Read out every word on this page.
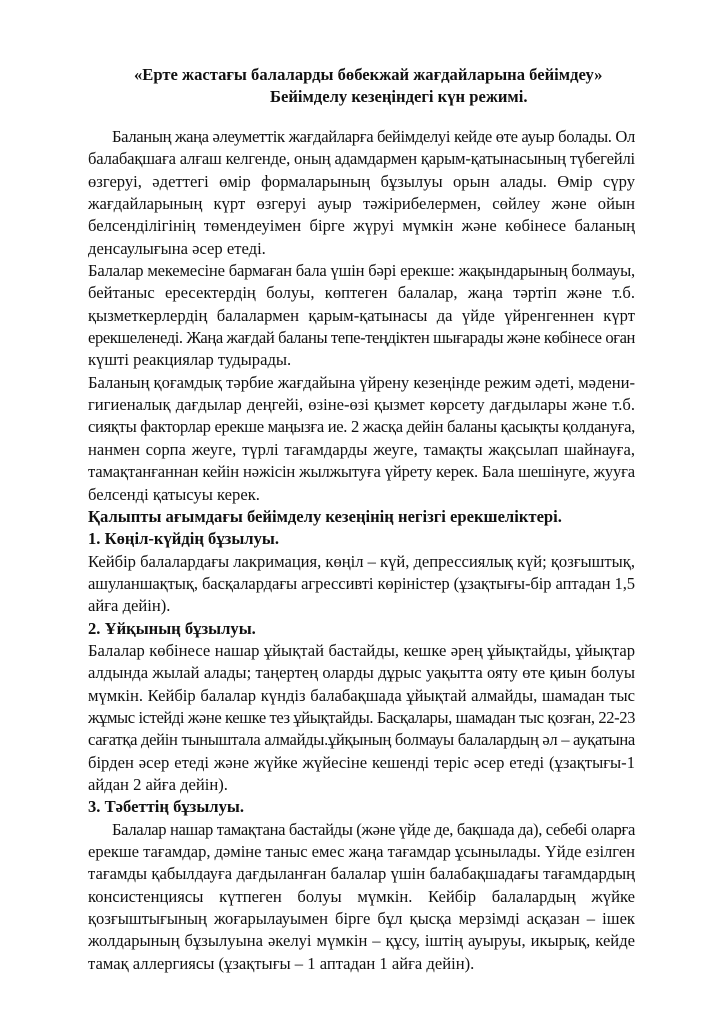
«Ерте жастағы балаларды бөбекжай жағдайларына бейімдеу»
Бейімделу кезеңіндегі күн режимі.
Баланың жаңа әлеуметтік жағдайларға бейімделуі кейде өте ауыр болады. Ол
балабақшаға алғаш келгенде, оның адамдармен қарым-қатынасының түбегейлі
өзгеруі, әдеттегі өмір формаларының бұзылуы орын алады. Өмір сүру
жағдайларының күрт өзгеруі ауыр тәжірибелермен, сөйлеу және ойын
белсенділігінің төмендеуімен бірге жүруі мүмкін және көбінесе баланың
денсаулығына әсер етеді.
Балалар мекемесіне бармаған бала үшін бәрі ерекше: жақындарының болмауы,
бейтаныс ересектердің болуы, көптеген балалар, жаңа тәртіп және т.б.
қызметкерлердің балалармен қарым-қатынасы да үйде үйренгеннен күрт
ерекшеленеді. Жаңа жағдай баланы тепе-теңдіктен шығарады және көбінесе оған
күшті реакциялар тудырады.
Баланың қоғамдық тәрбие жағдайына үйрену кезеңінде режим әдеті, мәдени-
гигиеналық дағдылар деңгейі, өзіне-өзі қызмет көрсету дағдылары және т.б.
сияқты факторлар ерекше маңызға ие. 2 жасқа дейін баланы қасықты қолдануға,
нанмен сорпа жеуге, түрлі тағамдарды жеуге, тамақты жақсылап шайнауға,
тамақтанғаннан кейін нәжісін жылжытуға үйрету керек. Бала шешінуге, жууға
белсенді қатысуы керек.
Қалыпты ағымдағы бейімделу кезеңінің негізгі ерекшеліктері.
1. Көңіл-күйдің бұзылуы.
Кейбір балалардағы лакримация, көңіл – күй, депрессиялық күй; қозғыштық,
ашуланшақтық, басқалардағы агрессивті көріністер (ұзақтығы-бір аптадан 1,5
айға дейін).
2. Ұйқының бұзылуы.
Балалар көбінесе нашар ұйықтай бастайды, кешке әрең ұйықтайды, ұйықтар
алдында жылай алады; таңертең оларды дұрыс уақытта ояту өте қиын болуы
мүмкін. Кейбір балалар күндіз балабақшада ұйықтай алмайды, шамадан тыс
жұмыс істейді және кешке тез ұйықтайды. Басқалары, шамадан тыс қозған, 22-23
сағатқа дейін тыныштала алмайды.ұйқының болмауы балалардың әл – ауқатына
бірден әсер етеді және жүйке жүйесіне кешенді теріс әсер етеді (ұзақтығы-1
айдан 2 айға дейін).
3. Тәбеттің бұзылуы.
Балалар нашар тамақтана бастайды (және үйде де, бақшада да), себебі оларға
ерекше тағамдар, дәміне таныс емес жаңа тағамдар ұсынылады. Үйде езілген
тағамды қабылдауға дағдыланған балалар үшін балабақшадағы тағамдардың
консистенциясы күтпеген болуы мүмкін. Кейбір балалардың жүйке
қозғыштығының жоғарылауымен бірге бұл қысқа мерзімді асқазан – ішек
жолдарының бұзылуына әкелуі мүмкін – құсу, іштің ауыруы, икырық, кейде
тамақ аллергиясы (ұзақтығы – 1 аптадан 1 айға дейін).
